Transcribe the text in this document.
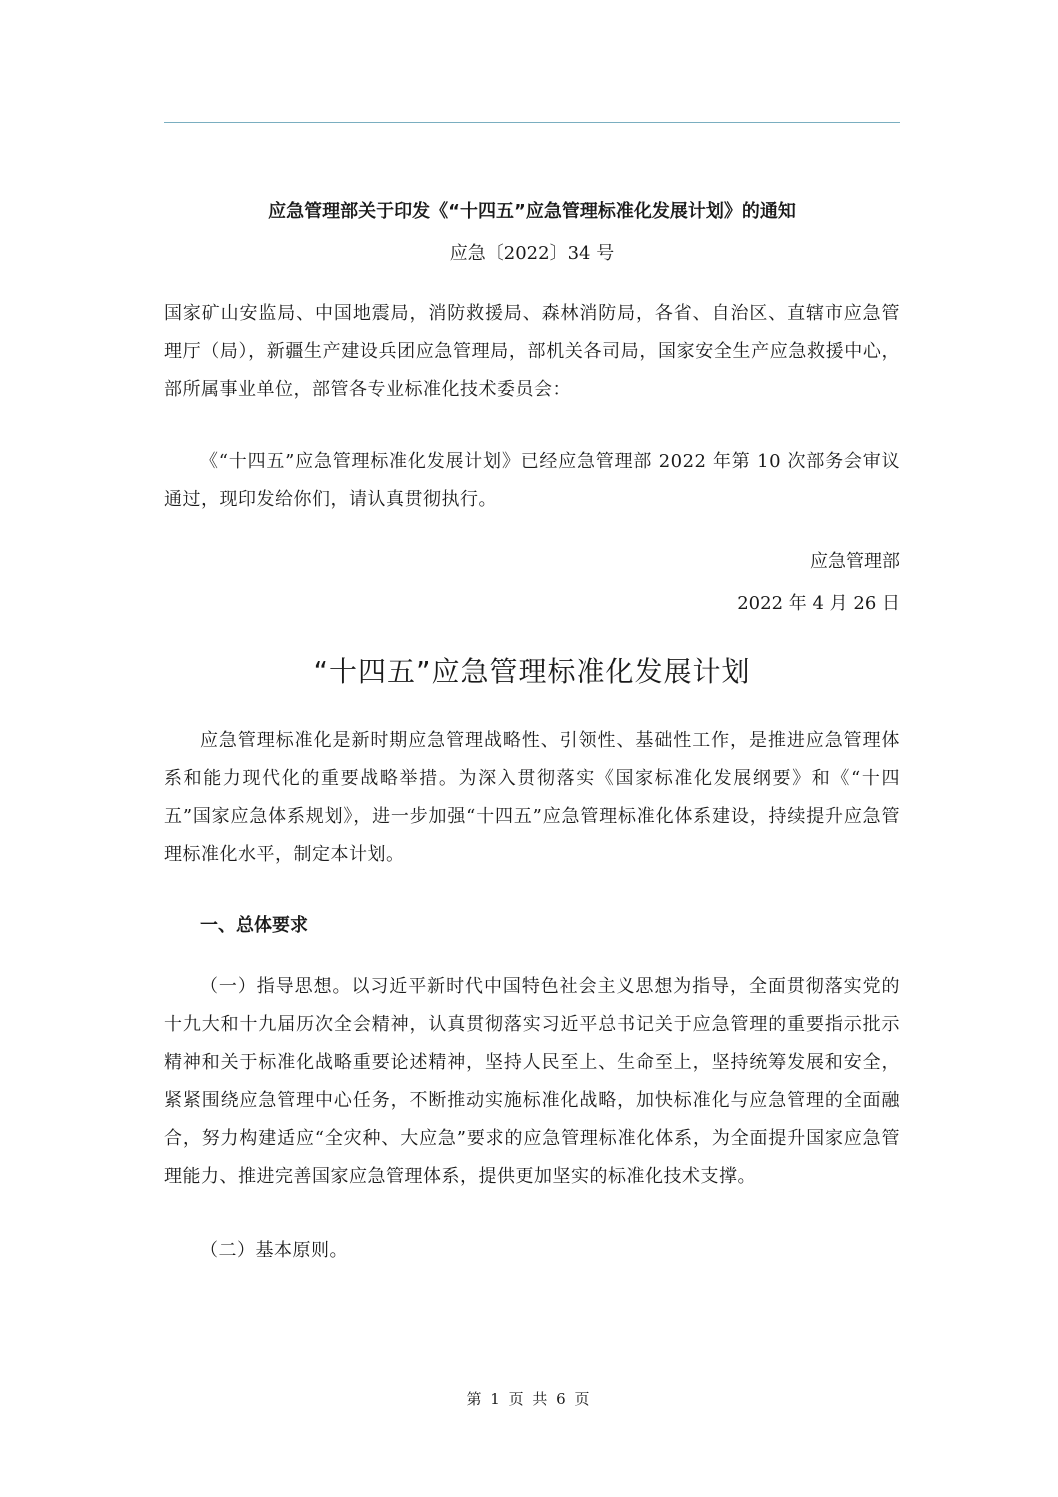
应急管理部关于印发《“十四五”应急管理标准化发展计划》的通知

应急〔2022〕34 号

国家矿山安监局、中国地震局，消防救援局、森林消防局，各省、自治区、直辖市应急管理厅（局），新疆生产建设兵团应急管理局，部机关各司局，国家安全生产应急救援中心，部所属事业单位，部管各专业标准化技术委员会：

《“十四五”应急管理标准化发展计划》已经应急管理部 2022 年第 10 次部务会审议通过，现印发给你们，请认真贯彻执行。

应急管理部

2022 年 4 月 26 日

“十四五”应急管理标准化发展计划

应急管理标准化是新时期应急管理战略性、引领性、基础性工作，是推进应急管理体系和能力现代化的重要战略举措。为深入贯彻落实《国家标准化发展纲要》和《“十四五”国家应急体系规划》，进一步加强“十四五”应急管理标准化体系建设，持续提升应急管理标准化水平，制定本计划。

一、总体要求

（一）指导思想。以习近平新时代中国特色社会主义思想为指导，全面贯彻落实党的十九大和十九届历次全会精神，认真贯彻落实习近平总书记关于应急管理的重要指示批示精神和关于标准化战略重要论述精神，坚持人民至上、生命至上，坚持统筹发展和安全，紧紧围绕应急管理中心任务，不断推动实施标准化战略，加快标准化与应急管理的全面融合，努力构建适应“全灾种、大应急”要求的应急管理标准化体系，为全面提升国家应急管理能力、推进完善国家应急管理体系，提供更加坚实的标准化技术支撑。

（二）基本原则。

第 1 页 共 6 页
